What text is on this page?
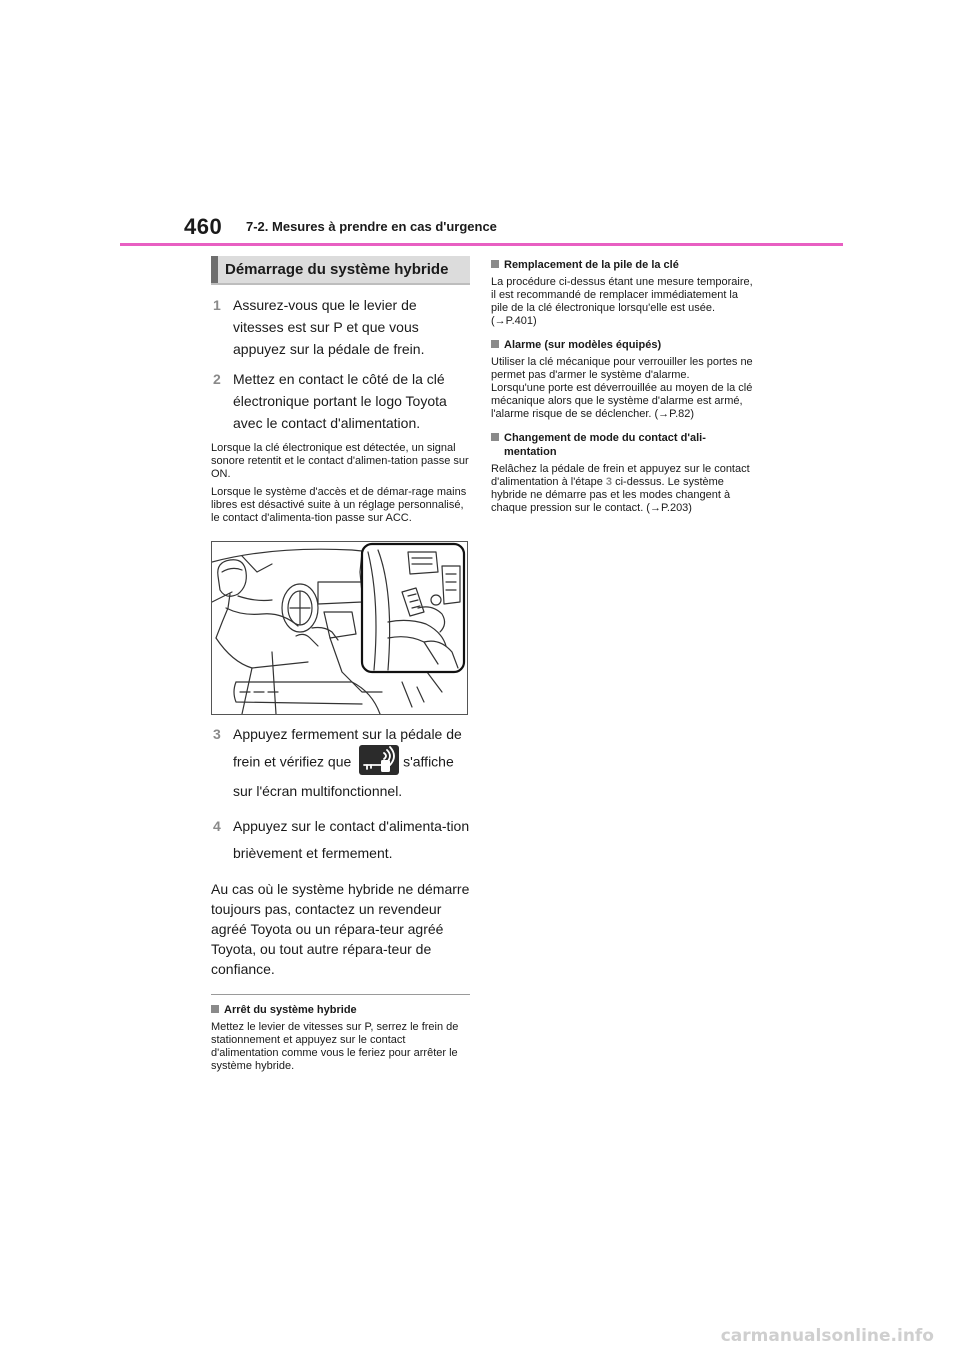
460 7-2. Mesures à prendre en cas d'urgence
Démarrage du système hybride
1 Assurez-vous que le levier de vitesses est sur P et que vous appuyez sur la pédale de frein.
2 Mettez en contact le côté de la clé électronique portant le logo Toyota avec le contact d'alimentation.
Lorsque la clé électronique est détectée, un signal sonore retentit et le contact d'alimen-tation passe sur ON.
Lorsque le système d'accès et de démar-rage mains libres est désactivé suite à un réglage personnalisé, le contact d'alimenta-tion passe sur ACC.
3 Appuyez fermement sur la pédale de frein et vérifiez que	s'affiche sur l'écran multifonctionnel.
4 Appuyez sur le contact d'alimenta-tion brièvement et fermement.
Au cas où le système hybride ne démarre toujours pas, contactez un revendeur agréé Toyota ou un répara-teur agréé Toyota, ou tout autre répara-teur de confiance.
Arrêt du système hybride
Mettez le levier de vitesses sur P, serrez le frein de stationnement et appuyez sur le contact d'alimentation comme vous le feriez pour arrêter le système hybride.
Remplacement de la pile de la clé
La procédure ci-dessus étant une mesure temporaire, il est recommandé de remplacer immédiatement la pile de la clé électronique lorsqu'elle est usée. (→P.401)
Alarme (sur modèles équipés)
Utiliser la clé mécanique pour verrouiller les portes ne permet pas d'armer le système d'alarme.
Lorsqu'une porte est déverrouillée au moyen de la clé mécanique alors que le système d'alarme est armé, l'alarme risque de se déclencher. (→P.82)
Changement de mode du contact d'ali-mentation
Relâchez la pédale de frein et appuyez sur le contact d'alimentation à l'étape 3 ci-dessus. Le système hybride ne démarre pas et les modes changent à chaque pression sur le contact. (→P.203)
carmanualsonline.info
